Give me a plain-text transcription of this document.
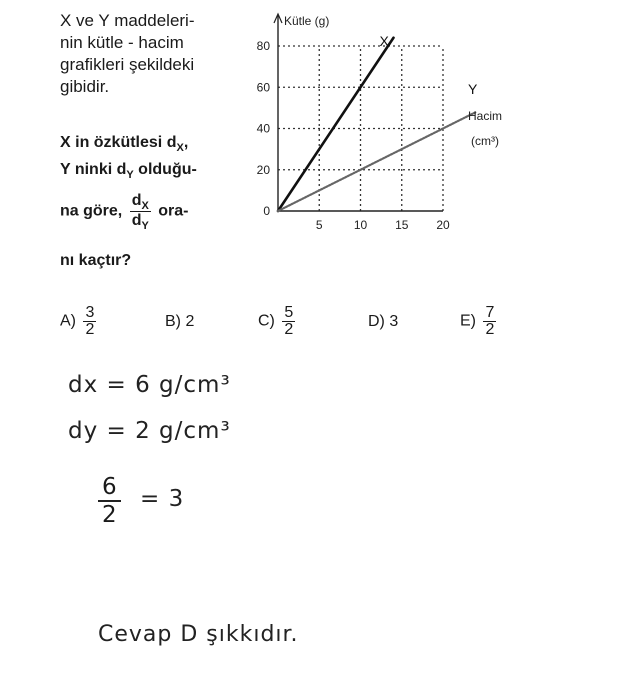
X ve Y maddeleri-
nin kütle - hacim
grafikleri şekildeki
gibidir.
X in özkütlesi $d_X$,
Y ninki $d_Y$ olduğu-
na göre, $\frac{d_X}{d_Y} ora-$
nı kaçtır?
$A) \frac{3}{2}$	B) 2	$C) \frac{5}{2}$	D) 3	$E) \frac{7}{2}$
dx = 6 g/cm³
dy = 2 g/cm³
6
2
= 3
Cevap D şıkkıdır.
0
20
40
60
80
5	10 15 20
Kütle (g)
Hacim
(cm³)
X
Y
